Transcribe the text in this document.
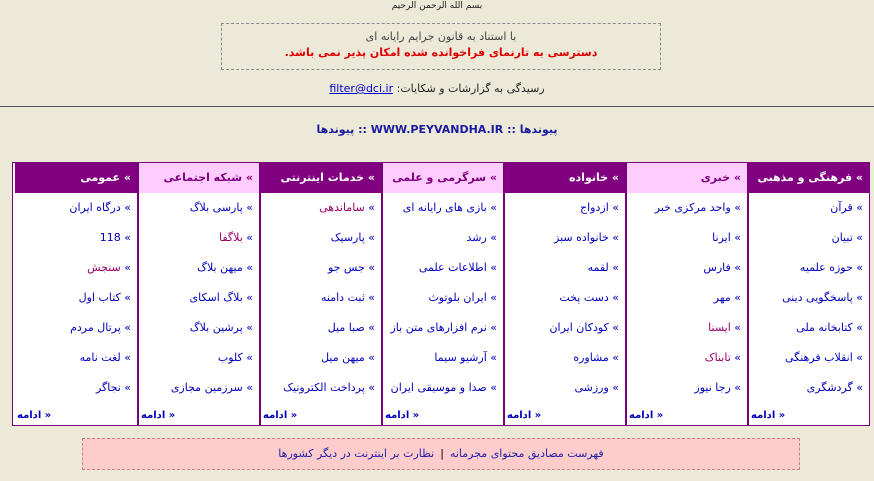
بسم الله الرحمن الرحیم
با استناد به قانون جرایم رایانه ای
دسترسی به تارنمای فراخوانده شده امکان پذیر نمی باشد.
رسیدگی به گزارشات و شکایات: filter@dci.ir
پیوندها :: WWW.PEYVANDHA.IR :: پیوندها
» فرهنگی و مذهبی
» قرآن
» تبیان
» حوزه علمیه
» پاسخگویی دینی
» کتابخانه ملی
» انقلاب فرهنگی
» گردشگری
ادامه »
» خبری
» واحد مرکزی خبر
» ایرنا
» فارس
» مهر
» ایسنا
» تابناک
» رجا نیوز
ادامه »
» خانواده
» ازدواج
» خانواده سبز
» لقمه
» دست پخت
» کودکان ایران
» مشاوره
» ورزشی
ادامه »
» سرگرمی و علمی
» بازی های رایانه ای
» رشد
» اطلاعات علمی
» ایران بلوتوث
» نرم افزارهای متن باز
» آرشیو سیما
» صدا و موسیقی ایران
ادامه »
» خدمات اینترنتی
» ساماندهی
» پارسیک
» جس جو
» ثبت دامنه
» صبا میل
» میهن میل
» پرداخت الکترونیک
ادامه »
» شبکه اجتماعی
» پارسی بلاگ
» بلاگفا
» میهن بلاگ
» بلاگ اسکای
» پرشین بلاگ
» کلوب
» سرزمین مجازی
ادامه »
» عمومی
» درگاه ایران
» 118
» سنجش
» کتاب اول
» پرتال مردم
» لغت نامه
» نجاگر
ادامه »
فهرست مصادیق محتوای مجرمانه|نظارت بر اینترنت در دیگر کشورها
